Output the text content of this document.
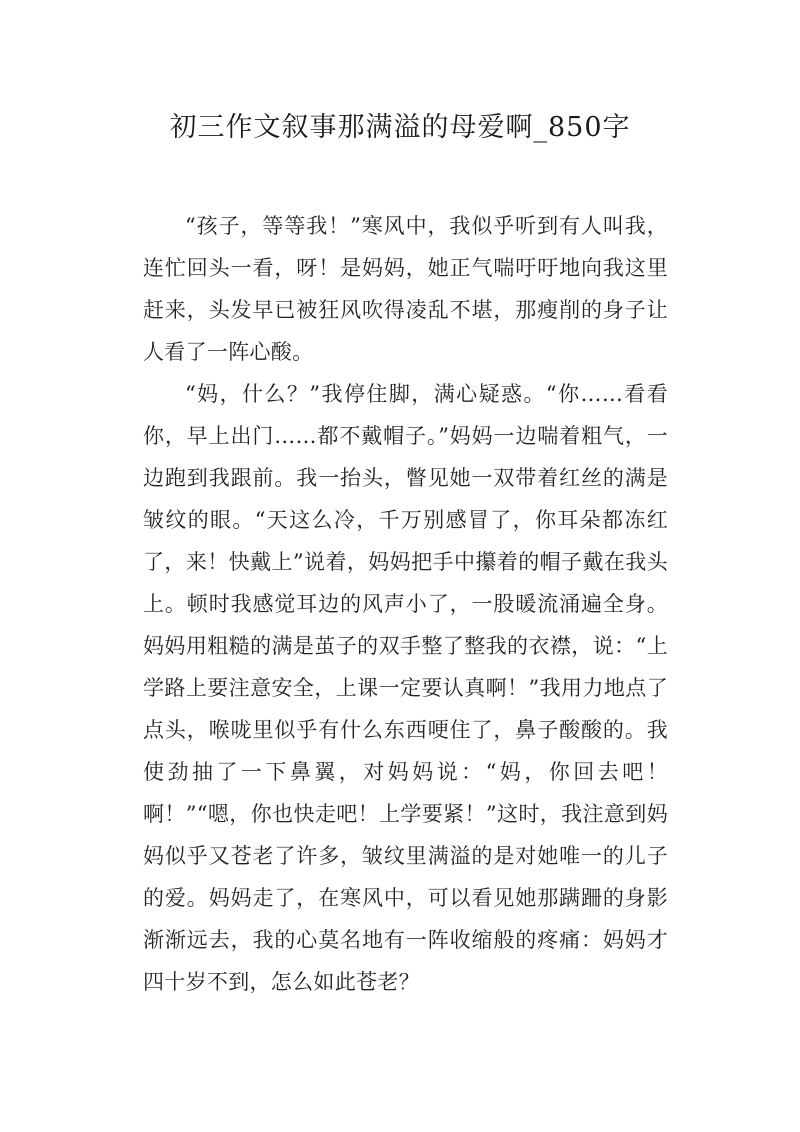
初三作文叙事那满溢的母爱啊_850字

“孩子，等等我！”寒风中，我似乎听到有人叫我，连忙回头一看，呀！是妈妈，她正气喘吁吁地向我这里赶来，头发早已被狂风吹得凌乱不堪，那瘦削的身子让人看了一阵心酸。

“妈，什么？”我停住脚，满心疑惑。“你……看看你，早上出门……都不戴帽子。”妈妈一边喘着粗气，一边跑到我跟前。我一抬头，瞥见她一双带着红丝的满是皱纹的眼。“天这么冷，千万别感冒了，你耳朵都冻红了，来！快戴上”说着，妈妈把手中攥着的帽子戴在我头上。顿时我感觉耳边的风声小了，一股暖流涌遍全身。妈妈用粗糙的满是茧子的双手整了整我的衣襟，说：“上学路上要注意安全，上课一定要认真啊！”我用力地点了点头，喉咙里似乎有什么东西哽住了，鼻子酸酸的。我使劲抽了一下鼻翼，对妈妈说：“妈，你回去吧！啊！”“嗯，你也快走吧！上学要紧！”这时，我注意到妈妈似乎又苍老了许多，皱纹里满溢的是对她唯一的儿子的爱。妈妈走了，在寒风中，可以看见她那蹒跚的身影渐渐远去，我的心莫名地有一阵收缩般的疼痛：妈妈才四十岁不到，怎么如此苍老？
